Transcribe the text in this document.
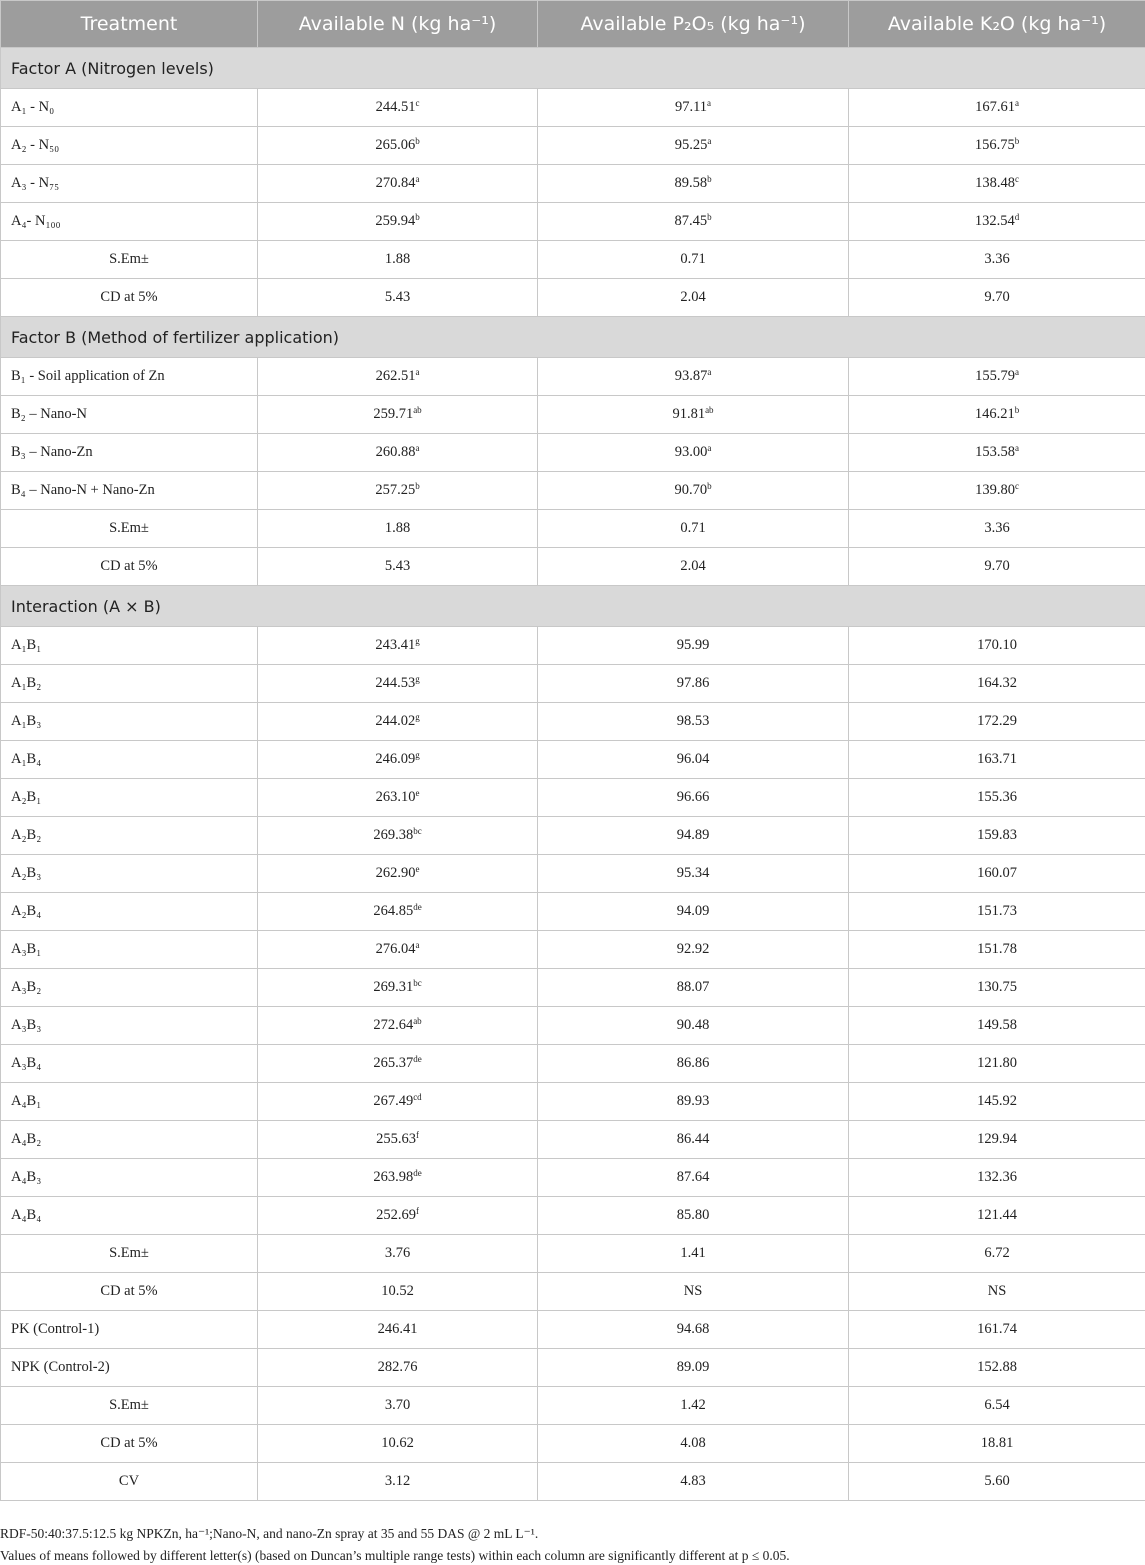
Treatment	Available N (kg ha⁻¹)	Available P₂O₅ (kg ha⁻¹)	Available K₂O (kg ha⁻¹)
Factor A (Nitrogen levels)			
A₁ - N₀	244.51$^c$	97.11$^a$	167.61$^a$
A₂ - N₅₀	265.06$^b$	95.25$^a$	156.75$^b$
A₃ - N₇₅	270.84$^a$	89.58$^b$	138.48$^c$
A₄- N₁₀₀	259.94$^b$	87.45$^b$	132.54$^d$
S.Em±	1.88	0.71	3.36
CD at 5%	5.43	2.04	9.70
Factor B (Method of fertilizer application)			
B₁ - Soil application of Zn	262.51$^a$	93.87$^a$	155.79$^a$
B₂ – Nano-N	259.71$^{ab}$	91.81$^{ab}$	146.21$^b$
B₃ – Nano-Zn	260.88$^a$	93.00$^a$	153.58$^a$
B₄ – Nano-N + Nano-Zn	257.25$^b$	90.70$^b$	139.80$^c$
S.Em±	1.88	0.71	3.36
CD at 5%	5.43	2.04	9.70
Interaction (A × B)			
A₁B₁	243.41$^g$	95.99	170.10
A₁B₂	244.53$^g$	97.86	164.32
A₁B₃	244.02$^g$	98.53	172.29
A₁B₄	246.09$^g$	96.04	163.71
A₂B₁	263.10e	96.66	155.36
A₂B₂	269.38$^{bc}$	94.89	159.83
A₂B₃	262.90e	95.34	160.07
A₂B₄	264.85de	94.09	151.73
A₃B₁	276.04$^a$	92.92	151.78
A₃B₂	269.31$^{bc}$	88.07	130.75
A₃B₃	272.64$^{ab}$	90.48	149.58
A₃B₄	265.37de	86.86	121.80
A₄B₁	267.49$^{cd}$	89.93	145.92
A₄B₂	255.63$^f$	86.44	129.94
A₄B₃	263.98de	87.64	132.36
A₄B₄	252.69$^f$	85.80	121.44
S.Em±	3.76	1.41	6.72
CD at 5%	10.52	NS	NS
PK (Control-1)	246.41	94.68	161.74
NPK (Control-2)	282.76	89.09	152.88
S.Em±	3.70	1.42	6.54
CD at 5%	10.62	4.08	18.81
CV	3.12	4.83	5.60
RDF-50:40:37.5:12.5 kg NPKZn, ha⁻¹;Nano-N, and nano-Zn spray at 35 and 55 DAS @ 2 mL L⁻¹.
Values of means followed by different letter(s) (based on Duncan’s multiple range tests) within each column are significantly different at p ≤ 0.05.
